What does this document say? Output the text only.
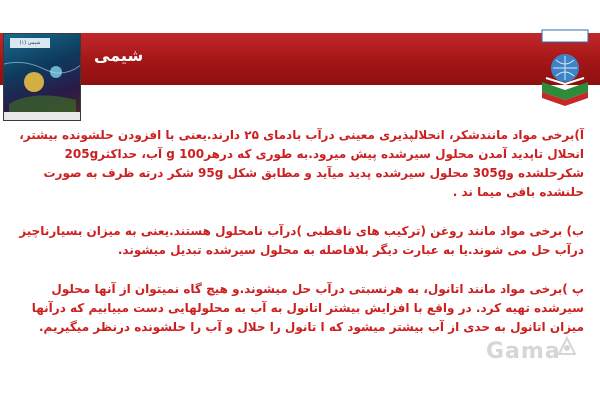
شیمی (۱)
شیمی

آ)برخی مواد مانندشکر، انحلالپذیری معینی درآب بادمای ۲۵ دارند.یعنی با افزودن حلشونده بیشتر، انحلال تاپدید آمدن محلول سیرشده پیش میرود.به طوری که درهر100 g آب، حداکثر205g شکرحلشده و305g محلول سیرشده پدید میآید و مطابق شکل 95g شکر درته ظرف به صورت حلنشده باقی میما ند .

ب) برخی مواد مانند روغن (ترکیب های ناقطبی )درآب نامحلول هستند.یعنی به میزان بسیارناچیز درآب حل می شوند.یا به عبارت دیگر بلافاصله به محلول سیرشده تبدیل میشوند.

پ )برخی مواد مانند اتانول، به هرنسبتی درآب حل میشوند.و هیچ گاه نمیتوان از آنها محلول سیرشده تهیه کرد. در واقع با افزایش بیشتر اتانول به آب به محلولهایی دست مییابیم که درآنها میزان اتانول به حدی از آب بیشتر میشود که ا تانول را حلال و آب را حلشونده درنظر میگیریم.

Gama
